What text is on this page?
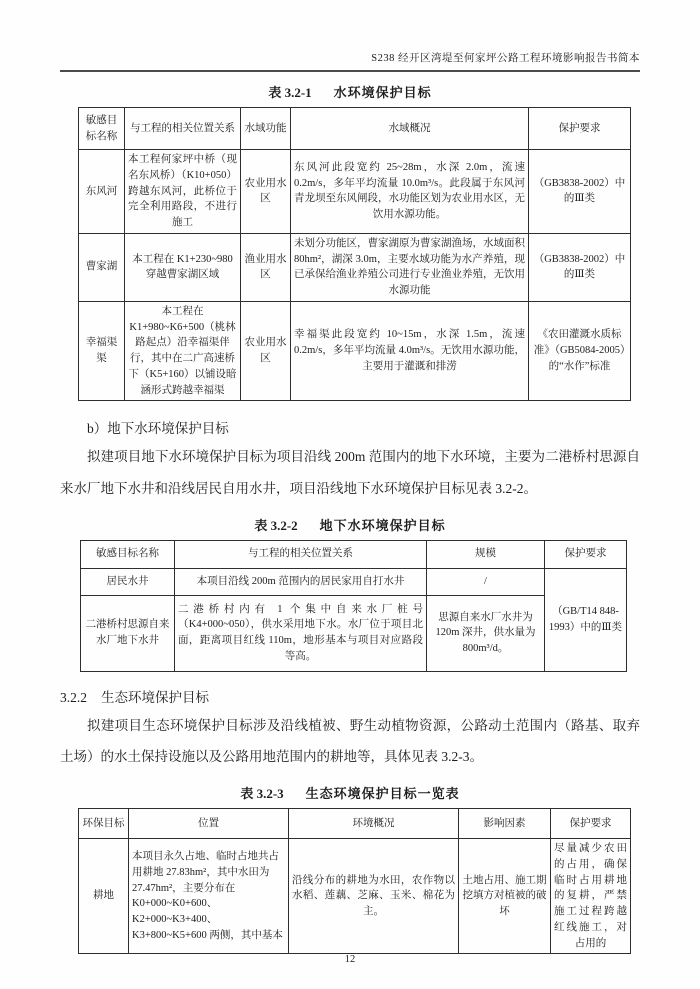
S238 经开区湾堤至何家坪公路工程环境影响报告书简本
表 3.2-1 水环境保护目标
敏感目标名称	与工程的相关位置关系	水域功能	水域概况	保护要求
东风河	本工程何家坪中桥（现名东风桥）（K10+050）跨越东风河，此桥位于完全利用路段，不进行施工	农业用水区	东风河此段宽约 25~28m，水深 2.0m，流速 0.2m/s，多年平均流量 10.0m³/s。此段属于东风河青龙坝至东风闸段，水功能区划为农业用水区，无饮用水源功能。	（GB3838-2002）中的Ⅲ类
曹家湖	本工程在 K1+230~980 穿越曹家湖区域	渔业用水区	未划分功能区，曹家湖原为曹家湖渔场，水域面积 80hm²，湖深 3.0m，主要水域功能为水产养殖，现已承保给渔业养殖公司进行专业渔业养殖，无饮用水源功能	（GB3838-2002）中的Ⅲ类
幸福渠渠	本工程在 K1+980~K6+500（桃林路起点）沿幸福渠伴行，其中在二广高速桥下（K5+160）以铺设暗涵形式跨越幸福渠	农业用水区	幸福渠此段宽约 10~15m，水深 1.5m，流速 0.2m/s，多年平均流量 4.0m³/s。无饮用水源功能，主要用于灌溉和排涝	《农田灌溉水质标准》（GB5084-2005）的“水作”标准
b）地下水环境保护目标
拟建项目地下水环境保护目标为项目沿线 200m 范围内的地下水环境，主要为二港桥村思源自来水厂地下水井和沿线居民自用水井，项目沿线地下水环境保护目标见表 3.2-2。
表 3.2-2 地下水环境保护目标
敏感目标名称	与工程的相关位置关系	规模	保护要求
居民水井	本项目沿线 200m 范围内的居民家用自打水井	/	（GB/T14 848-1993）中的Ⅲ类
二港桥村思源自来水厂地下水井	二港桥村内有 1 个集中自来水厂桩号（K4+000~050），供水采用地下水。水厂位于项目北面，距离项目红线 110m，地形基本与项目对应路段等高。	思源自来水厂水井为 120m 深井，供水量为 800m³/d。	
3.2.2 生态环境保护目标
拟建项目生态环境保护目标涉及沿线植被、野生动植物资源，公路动土范围内（路基、取弃土场）的水土保持设施以及公路用地范围内的耕地等，具体见表 3.2-3。
表 3.2-3 生态环境保护目标一览表
环保目标	位置	环境概况	影响因素	保护要求
耕地	本项目永久占地、临时占地共占用耕地 27.83hm²，其中水田为 27.47hm²，主要分布在 K0+000~K0+600、K2+000~K3+400、K3+800~K5+600 两侧，其中基本	沿线分布的耕地为水田，农作物以水稻、莲藕、芝麻、玉米、棉花为主。	土地占用、施工期挖填方对植被的破坏	尽量减少农田的占用，确保临时占用耕地的复耕，严禁施工过程跨越红线施工，对占用的
12
